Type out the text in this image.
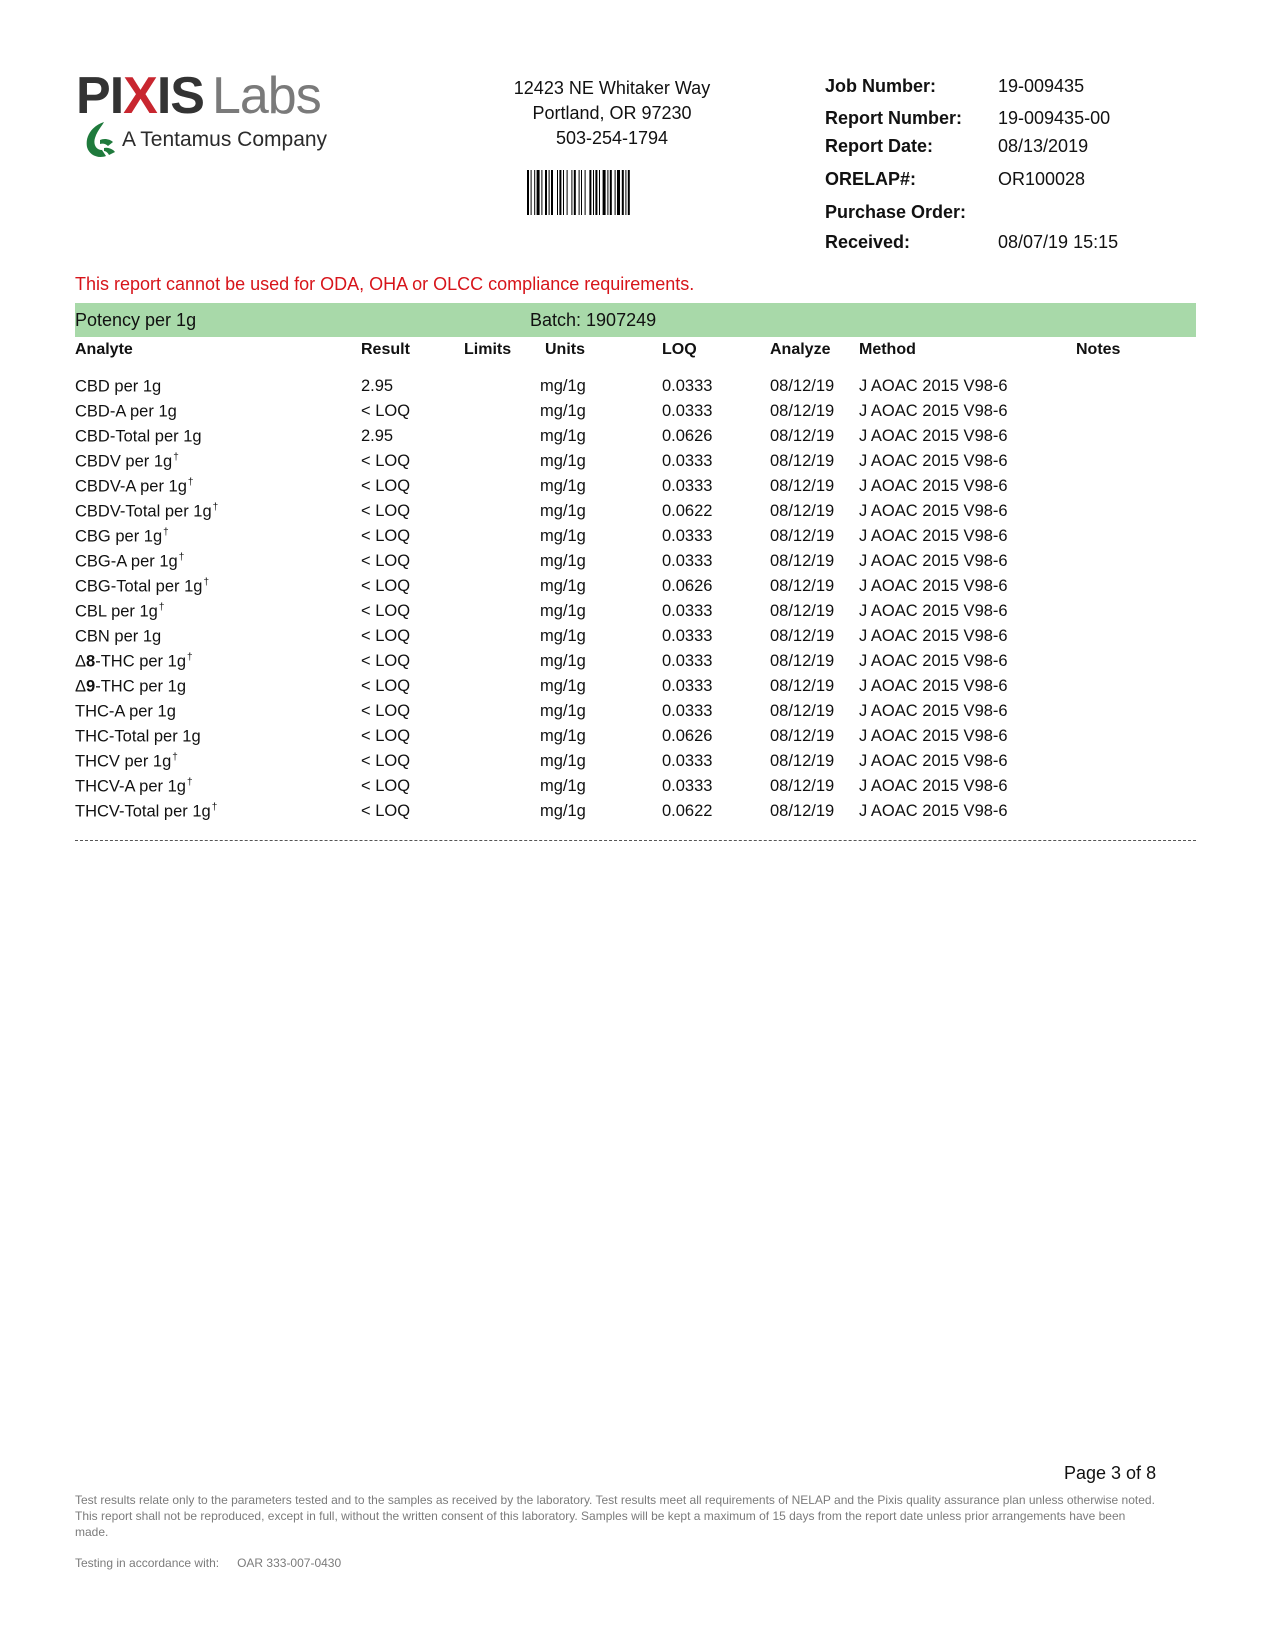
PIXIS Labs
A Tentamus Company
12423 NE Whitaker Way
Portland, OR 97230
503-254-1794
Job Number:	19-009435
Report Number: 19-009435-00
Report Date:	08/13/2019
ORELAP#:	OR100028
Purchase Order:
Received:	08/07/19 15:15
This report cannot be used for ODA, OHA or OLCC compliance requirements.
Potency per 1g	Batch: 1907249
Analyte	Result	Limits Units	LOQ	Analyze Method	Notes
CBD per 1g	2.95	mg/1g	0.0333	08/12/19 J AOAC 2015 V98-6
CBD-A per 1g	< LOQ	mg/1g	0.0333	08/12/19 J AOAC 2015 V98-6
CBD-Total per 1g	2.95	mg/1g	0.0626	08/12/19 J AOAC 2015 V98-6
CBDV per 1g†	< LOQ	mg/1g	0.0333	08/12/19 J AOAC 2015 V98-6
CBDV-A per 1g†	< LOQ	mg/1g	0.0333	08/12/19 J AOAC 2015 V98-6
CBDV-Total per 1g†	< LOQ	mg/1g	0.0622	08/12/19 J AOAC 2015 V98-6
CBG per 1g†	< LOQ	mg/1g	0.0333	08/12/19 J AOAC 2015 V98-6
CBG-A per 1g†	< LOQ	mg/1g	0.0333	08/12/19 J AOAC 2015 V98-6
CBG-Total per 1g†	< LOQ	mg/1g	0.0626	08/12/19 J AOAC 2015 V98-6
CBL per 1g†	< LOQ	mg/1g	0.0333	08/12/19 J AOAC 2015 V98-6
CBN per 1g	< LOQ	mg/1g	0.0333	08/12/19 J AOAC 2015 V98-6
Δ8-THC per 1g†	< LOQ	mg/1g	0.0333	08/12/19 J AOAC 2015 V98-6
Δ9-THC per 1g	< LOQ	mg/1g	0.0333	08/12/19 J AOAC 2015 V98-6
THC-A per 1g	< LOQ	mg/1g	0.0333	08/12/19 J AOAC 2015 V98-6
THC-Total per 1g	< LOQ	mg/1g	0.0626	08/12/19 J AOAC 2015 V98-6
THCV per 1g†	< LOQ	mg/1g	0.0333	08/12/19 J AOAC 2015 V98-6
THCV-A per 1g†	< LOQ	mg/1g	0.0333	08/12/19 J AOAC 2015 V98-6
THCV-Total per 1g†	< LOQ	mg/1g	0.0622	08/12/19 J AOAC 2015 V98-6
Page 3 of 8
Test results relate only to the parameters tested and to the samples as received by the laboratory. Test results meet all requirements of NELAP and the Pixis quality assurance plan unless otherwise noted. This report shall not be reproduced, except in full, without the written consent of this laboratory. Samples will be kept a maximum of 15 days from the report date unless prior arrangements have been made.
Testing in accordance with: OAR 333-007-0430
